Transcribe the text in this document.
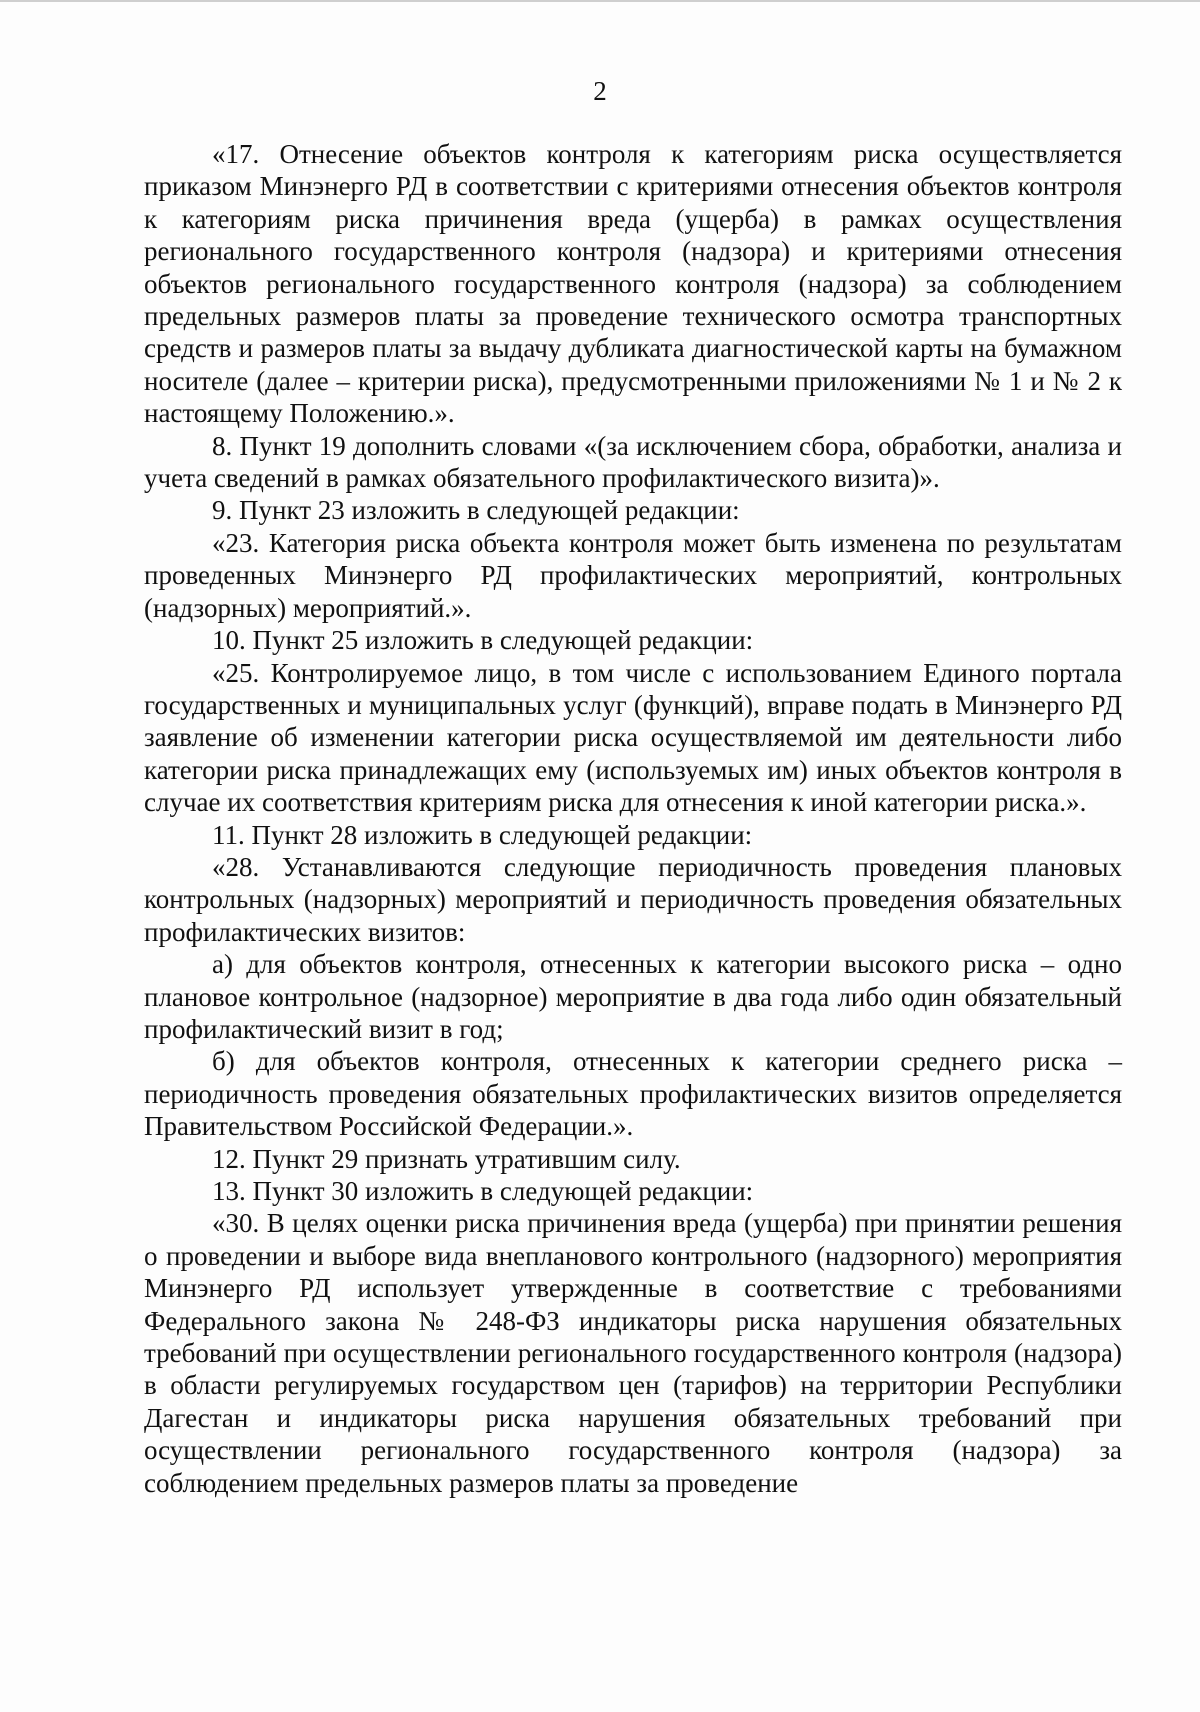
2

«17. Отнесение объектов контроля к категориям риска осуществляется приказом Минэнерго РД в соответствии с критериями отнесения объектов контроля к категориям риска причинения вреда (ущерба) в рамках осуществления регионального государственного контроля (надзора) и критериями отнесения объектов регионального государственного контроля (надзора) за соблюдением предельных размеров платы за проведение технического осмотра транспортных средств и размеров платы за выдачу дубликата диагностической карты на бумажном носителе (далее – критерии риска), предусмотренными приложениями № 1 и № 2 к настоящему Положению.».

8. Пункт 19 дополнить словами «(за исключением сбора, обработки, анализа и учета сведений в рамках обязательного профилактического визита)».

9. Пункт 23 изложить в следующей редакции:

«23. Категория риска объекта контроля может быть изменена по результатам проведенных Минэнерго РД профилактических мероприятий, контрольных (надзорных) мероприятий.».

10. Пункт 25 изложить в следующей редакции:

«25. Контролируемое лицо, в том числе с использованием Единого портала государственных и муниципальных услуг (функций), вправе подать в Минэнерго РД заявление об изменении категории риска осуществляемой им деятельности либо категории риска принадлежащих ему (используемых им) иных объектов контроля в случае их соответствия критериям риска для отнесения к иной категории риска.».

11. Пункт 28 изложить в следующей редакции:

«28. Устанавливаются следующие периодичность проведения плановых контрольных (надзорных) мероприятий и периодичность проведения обязательных профилактических визитов:

а) для объектов контроля, отнесенных к категории высокого риска – одно плановое контрольное (надзорное) мероприятие в два года либо один обязательный профилактический визит в год;

б) для объектов контроля, отнесенных к категории среднего риска – периодичность проведения обязательных профилактических визитов определяется Правительством Российской Федерации.».

12. Пункт 29 признать утратившим силу.

13. Пункт 30 изложить в следующей редакции:

«30. В целях оценки риска причинения вреда (ущерба) при принятии решения о проведении и выборе вида внепланового контрольного (надзорного) мероприятия Минэнерго РД использует утвержденные в соответствие с требованиями Федерального закона № 248-ФЗ индикаторы риска нарушения обязательных требований при осуществлении регионального государственного контроля (надзора) в области регулируемых государством цен (тарифов) на территории Республики Дагестан и индикаторы риска нарушения обязательных требований при осуществлении регионального государственного контроля (надзора) за соблюдением предельных размеров платы за проведение
